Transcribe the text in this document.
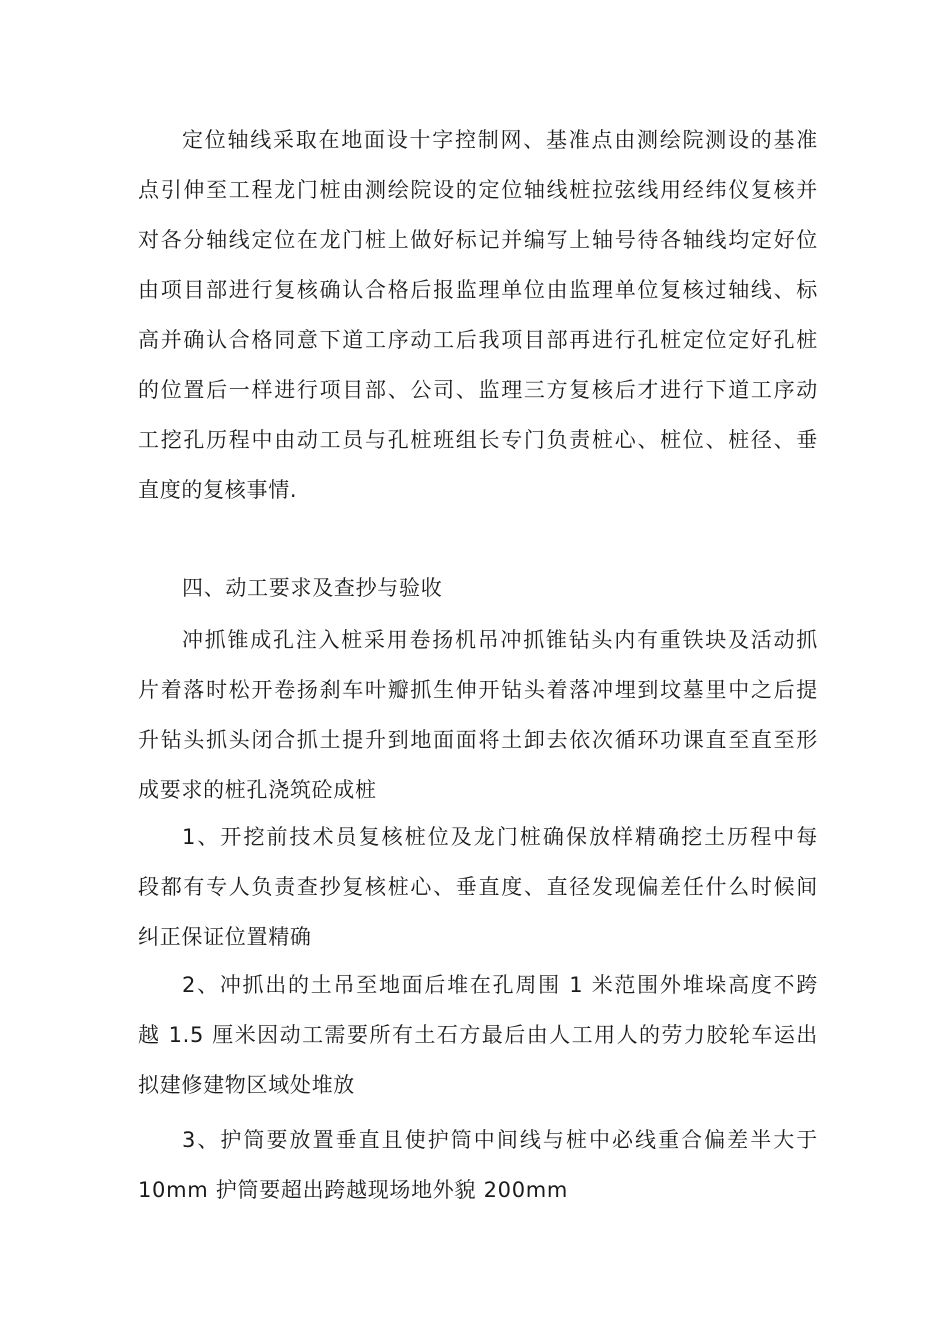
定位轴线采取在地面设十字控制网、基准点由测绘院测设的基准
点引伸至工程龙门桩由测绘院设的定位轴线桩拉弦线用经纬仪复核并
对各分轴线定位在龙门桩上做好标记并编写上轴号待各轴线均定好位
由项目部进行复核确认合格后报监理单位由监理单位复核过轴线、标
高并确认合格同意下道工序动工后我项目部再进行孔桩定位定好孔桩
的位置后一样进行项目部、公司、监理三方复核后才进行下道工序动
工挖孔历程中由动工员与孔桩班组长专门负责桩心、桩位、桩径、垂
直度的复核事情.
四、动工要求及查抄与验收
冲抓锥成孔注入桩采用卷扬机吊冲抓锥钻头内有重铁块及活动抓
片着落时松开卷扬刹车叶瓣抓生伸开钻头着落冲埋到坟墓里中之后提
升钻头抓头闭合抓土提升到地面面将土卸去依次循环功课直至直至形
成要求的桩孔浇筑砼成桩
1、开挖前技术员复核桩位及龙门桩确保放样精确挖土历程中每
段都有专人负责查抄复核桩心、垂直度、直径发现偏差任什么时候间
纠正保证位置精确
2、冲抓出的土吊至地面后堆在孔周围 1 米范围外堆垛高度不跨
越 1.5 厘米因动工需要所有土石方最后由人工用人的劳力胶轮车运出
拟建修建物区域处堆放
3、护筒要放置垂直且使护筒中间线与桩中必线重合偏差半大于
10mm 护筒要超出跨越现场地外貌 200mm
